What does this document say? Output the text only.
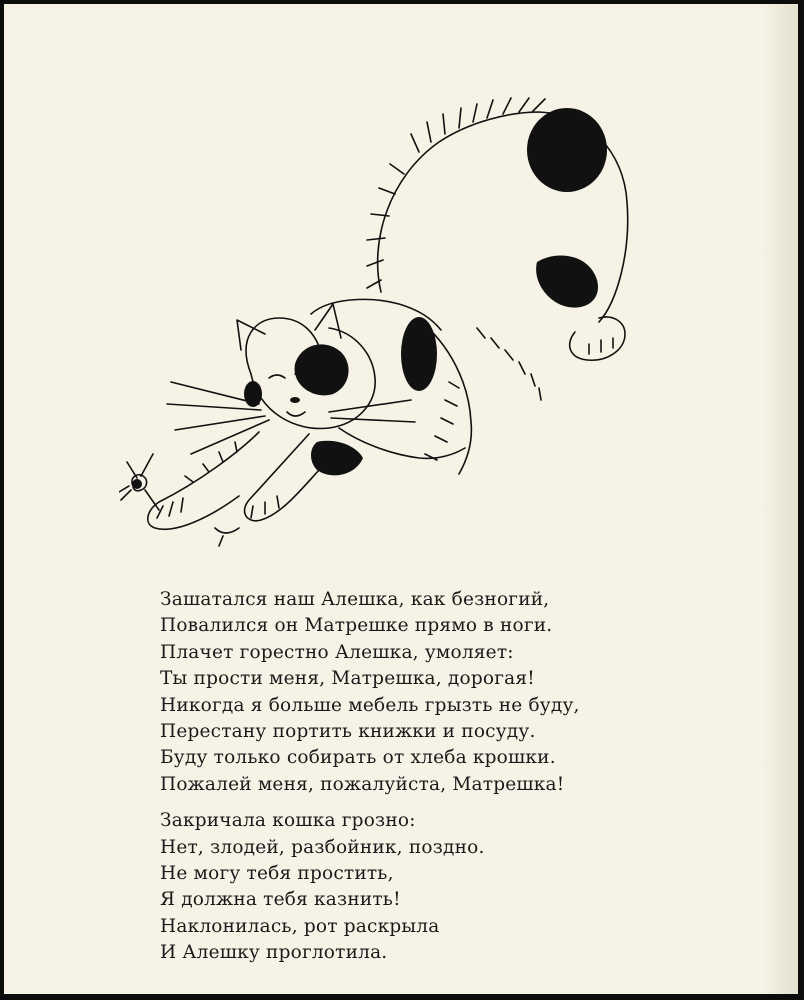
Зашатался наш Алешка, как безногий,
Повалился он Матрешке прямо в ноги.
Плачет горестно Алешка, умоляет:
Ты прости меня, Матрешка, дорогая!
Никогда я больше мебель грызть не буду,
Перестану портить книжки и посуду.
Буду только собирать от хлеба крошки.
Пожалей меня, пожалуйста, Матрешка!

Закричала кошка грозно:
Нет, злодей, разбойник, поздно.
Не могу тебя простить,
Я должна тебя казнить!
Наклонилась, рот раскрыла
И Алешку проглотила.
